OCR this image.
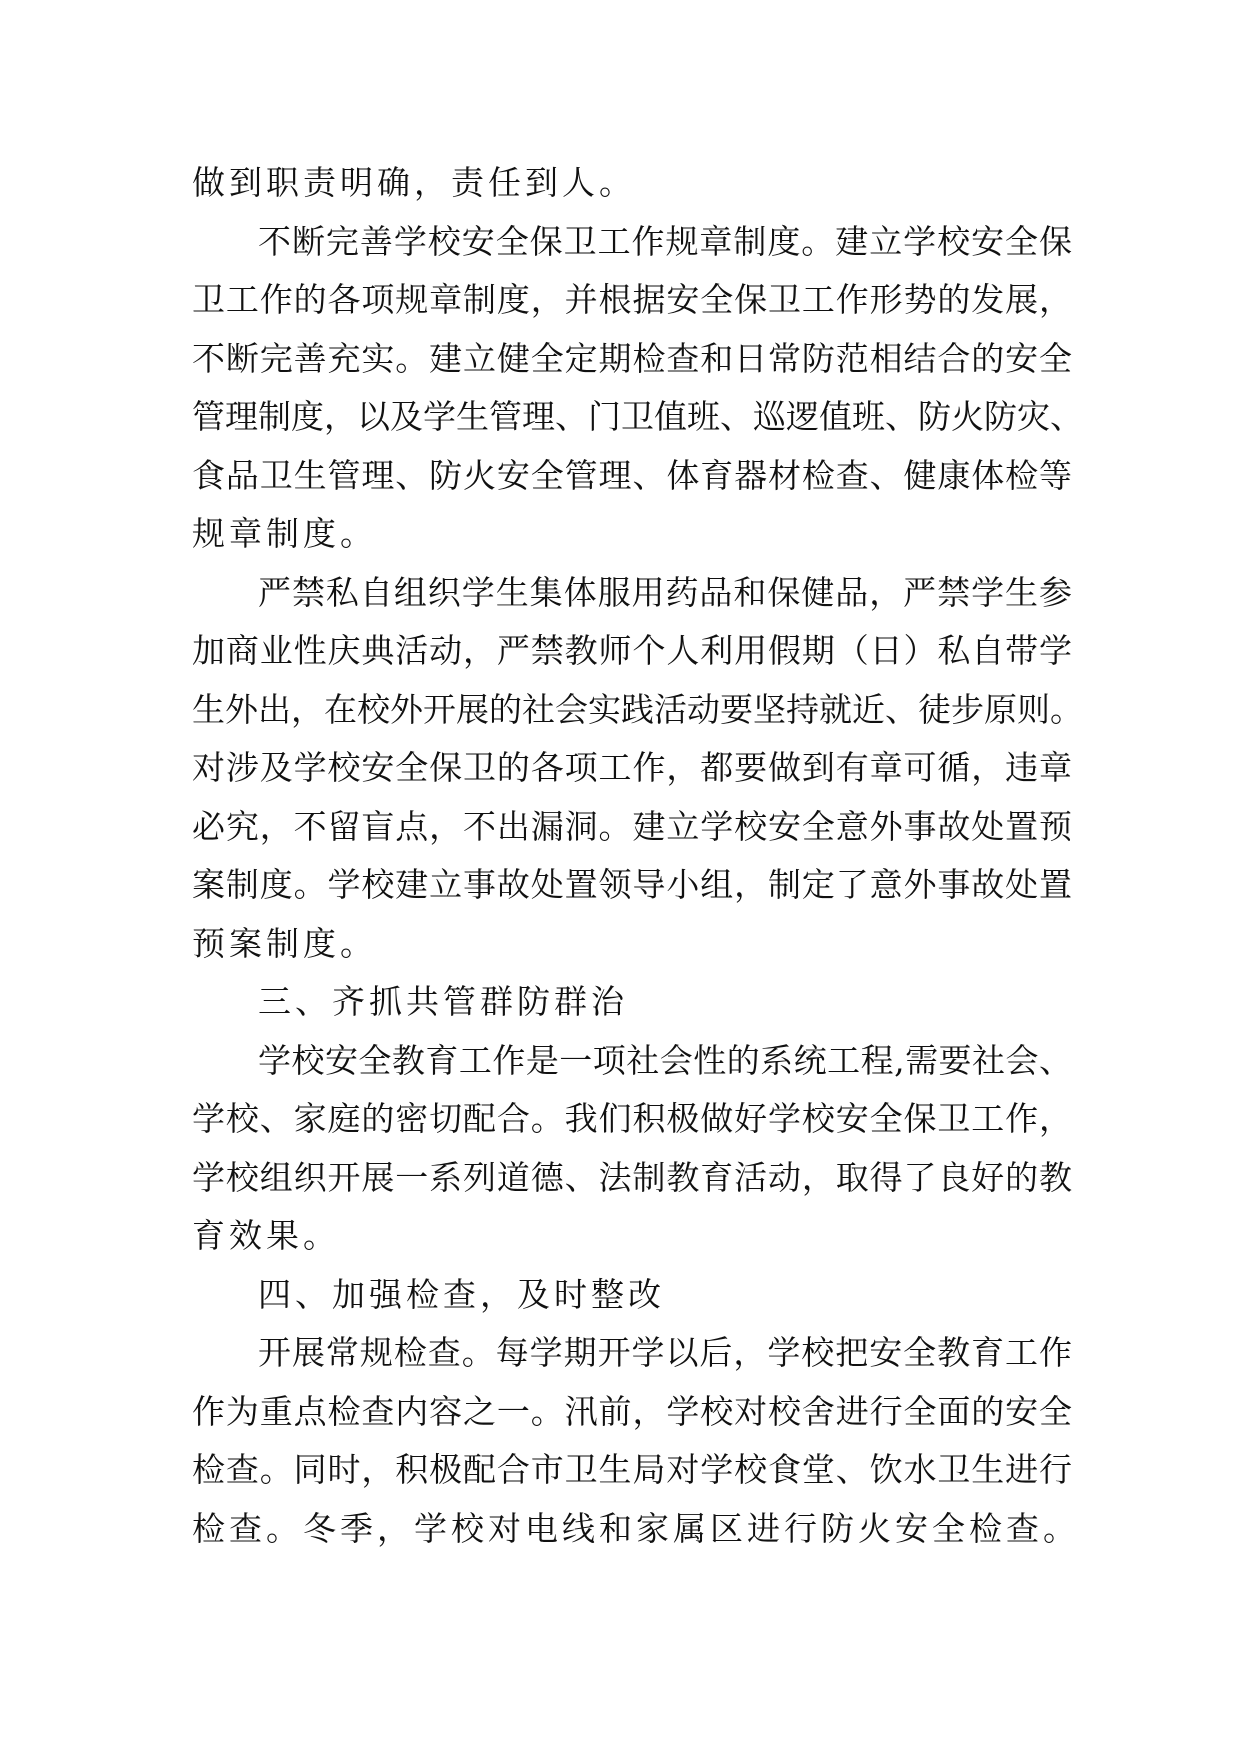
做到职责明确，责任到人。
不断完善学校安全保卫工作规章制度。建立学校安全保
卫工作的各项规章制度，并根据安全保卫工作形势的发展，
不断完善充实。建立健全定期检查和日常防范相结合的安全
管理制度，以及学生管理、门卫值班、巡逻值班、防火防灾、
食品卫生管理、防火安全管理、体育器材检查、健康体检等
规章制度。
严禁私自组织学生集体服用药品和保健品，严禁学生参
加商业性庆典活动，严禁教师个人利用假期（日）私自带学
生外出，在校外开展的社会实践活动要坚持就近、徒步原则。
对涉及学校安全保卫的各项工作，都要做到有章可循，违章
必究，不留盲点，不出漏洞。建立学校安全意外事故处置预
案制度。学校建立事故处置领导小组，制定了意外事故处置
预案制度。
三、齐抓共管群防群治
学校安全教育工作是一项社会性的系统工程,需要社会、
学校、家庭的密切配合。我们积极做好学校安全保卫工作，
学校组织开展一系列道德、法制教育活动，取得了良好的教
育效果。
四、加强检查，及时整改
开展常规检查。每学期开学以后，学校把安全教育工作
作为重点检查内容之一。汛前，学校对校舍进行全面的安全
检查。同时，积极配合市卫生局对学校食堂、饮水卫生进行
检查。冬季，学校对电线和家属区进行防火安全检查。
